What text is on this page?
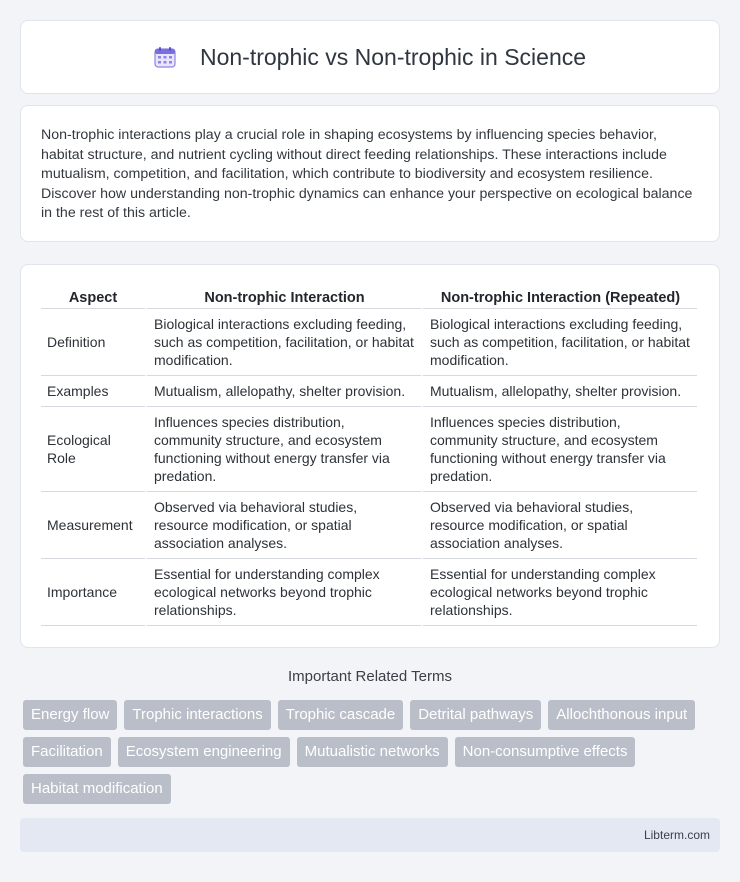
Non-trophic vs Non-trophic in Science

Non-trophic interactions play a crucial role in shaping ecosystems by influencing species behavior, habitat structure, and nutrient cycling without direct feeding relationships. These interactions include mutualism, competition, and facilitation, which contribute to biodiversity and ecosystem resilience. Discover how understanding non-trophic dynamics can enhance your perspective on ecological balance in the rest of this article.

Aspect	Non-trophic Interaction	Non-trophic Interaction (Repeated)
Definition	Biological interactions excluding feeding, such as competition, facilitation, or habitat modification.	Biological interactions excluding feeding, such as competition, facilitation, or habitat modification.
Examples	Mutualism, allelopathy, shelter provision.	Mutualism, allelopathy, shelter provision.
Ecological Role	Influences species distribution, community structure, and ecosystem functioning without energy transfer via predation.	Influences species distribution, community structure, and ecosystem functioning without energy transfer via predation.
Measurement	Observed via behavioral studies, resource modification, or spatial association analyses.	Observed via behavioral studies, resource modification, or spatial association analyses.
Importance	Essential for understanding complex ecological networks beyond trophic relationships.	Essential for understanding complex ecological networks beyond trophic relationships.
Important Related Terms
Energy flow	Trophic interactions	Trophic cascade	Detrital pathways	Allochthonous input
Facilitation	Ecosystem engineering	Mutualistic networks	Non-consumptive effects
Habitat modification
Libterm.com
